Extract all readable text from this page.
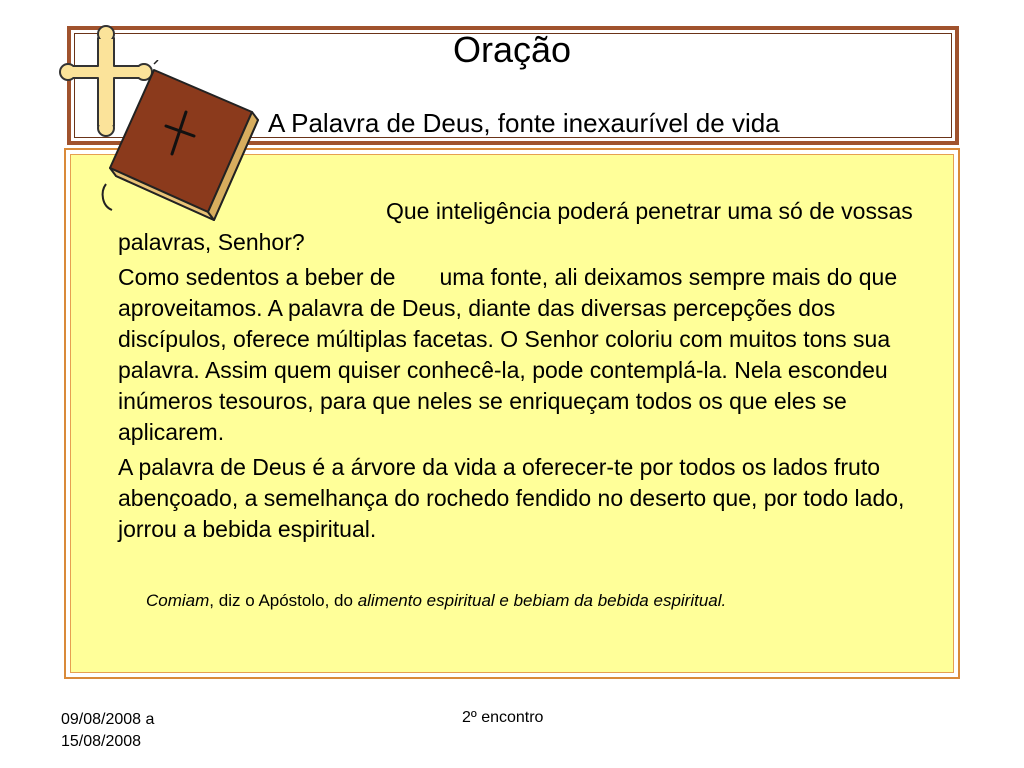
Oração
A Palavra de Deus, fonte inexaurível de vida

Que inteligência poderá penetrar uma só de vossas palavras, Senhor?

Como sedentos a beber de uma fonte, ali deixamos sempre mais do que aproveitamos. A palavra de Deus, diante das diversas percepções dos discípulos, oferece múltiplas facetas. O Senhor coloriu com muitos tons sua palavra. Assim quem quiser conhecê-la, pode contemplá-la. Nela escondeu inúmeros tesouros, para que neles se enriqueçam todos os que eles se aplicarem.

A palavra de Deus é a árvore da vida a oferecer-te por todos os lados fruto abençoado, a semelhança do rochedo fendido no deserto que, por todo lado, jorrou a bebida espiritual.

Comiam, diz o Apóstolo, do alimento espiritual e bebiam da bebida espiritual.
09/08/2008 a 15/08/2008
2º encontro
